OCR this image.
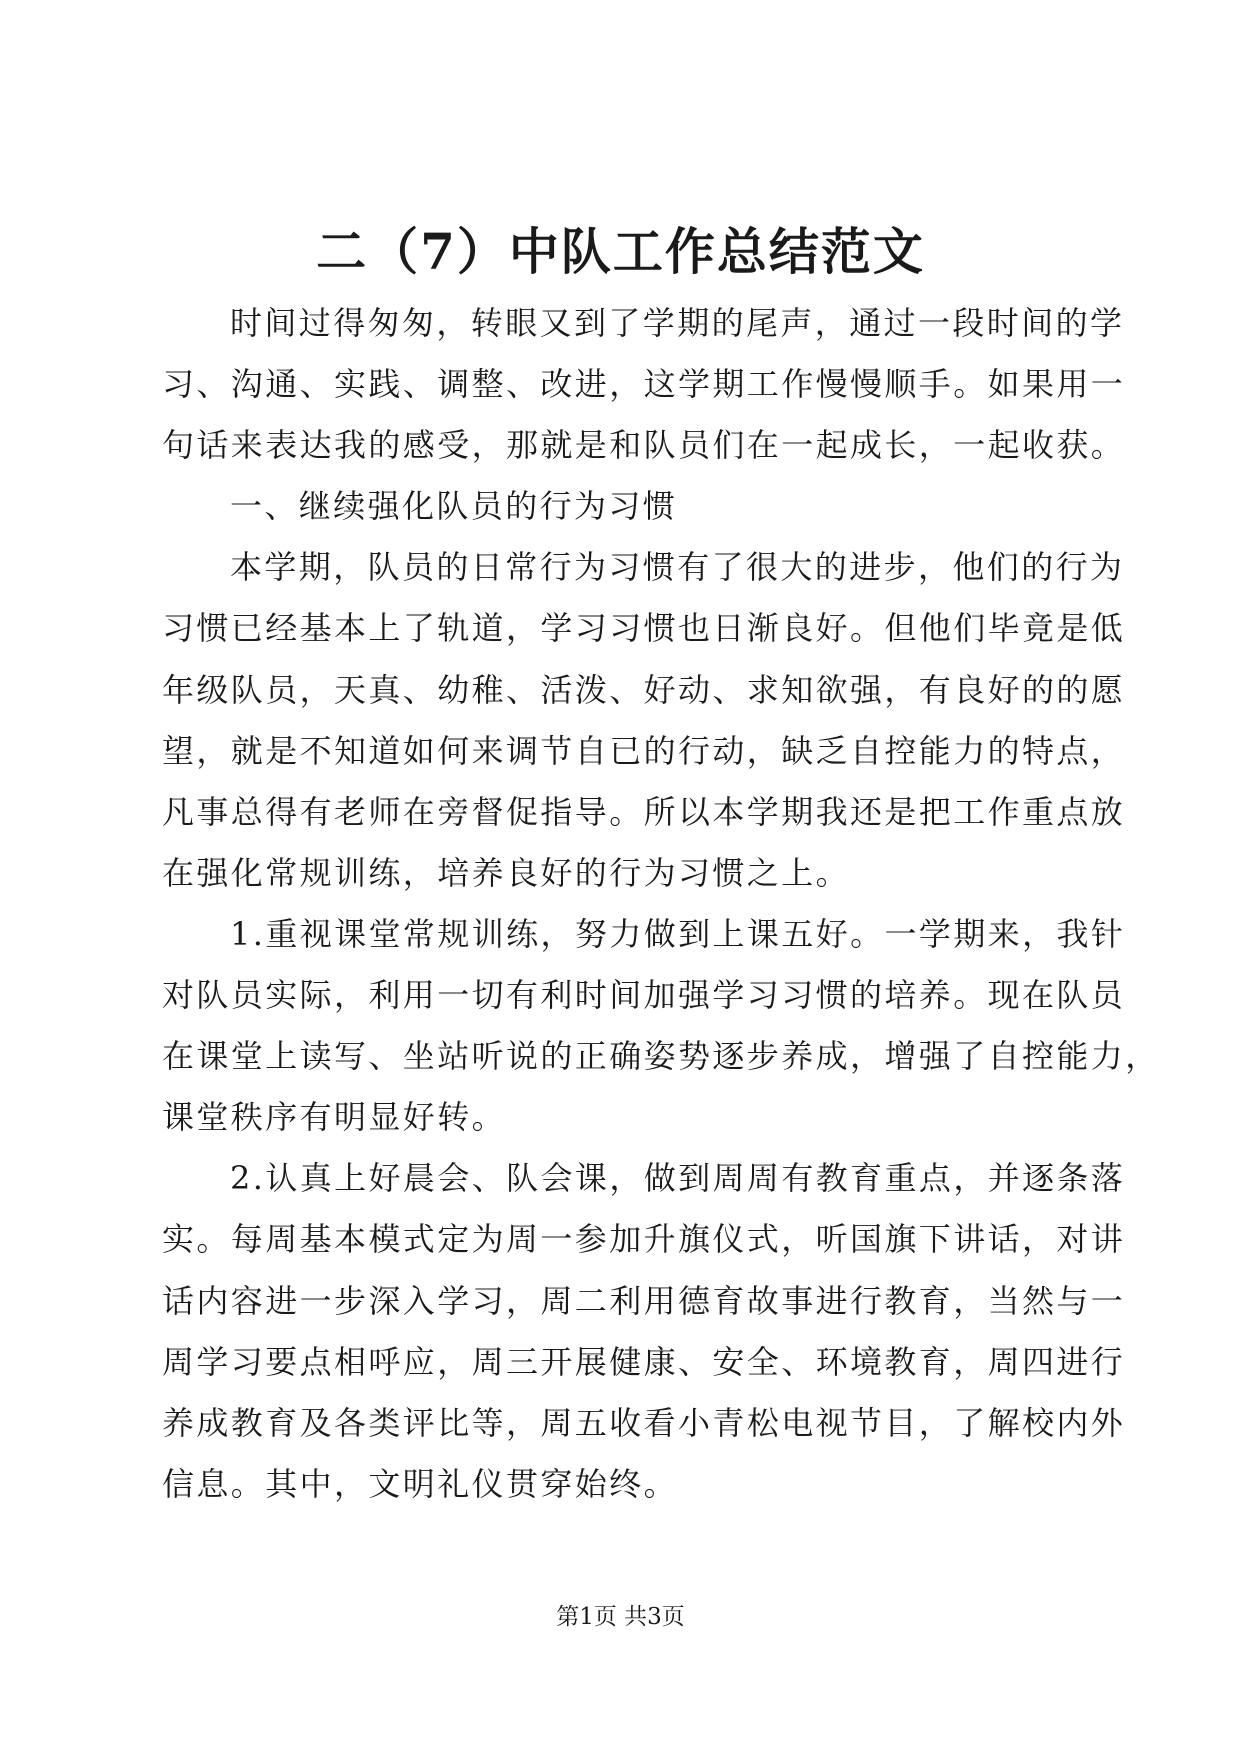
二（7）中队工作总结范文
时间过得匆匆，转眼又到了学期的尾声，通过一段时间的学
习、沟通、实践、调整、改进，这学期工作慢慢顺手。如果用一
句话来表达我的感受，那就是和队员们在一起成长，一起收获。
一、继续强化队员的行为习惯
本学期，队员的日常行为习惯有了很大的进步，他们的行为
习惯已经基本上了轨道，学习习惯也日渐良好。但他们毕竟是低
年级队员，天真、幼稚、活泼、好动、求知欲强，有良好的的愿
望，就是不知道如何来调节自已的行动，缺乏自控能力的特点，
凡事总得有老师在旁督促指导。所以本学期我还是把工作重点放
在强化常规训练，培养良好的行为习惯之上。
1.重视课堂常规训练，努力做到上课五好。一学期来，我针
对队员实际，利用一切有利时间加强学习习惯的培养。现在队员
在课堂上读写、坐站听说的正确姿势逐步养成，增强了自控能力，
课堂秩序有明显好转。
2.认真上好晨会、队会课，做到周周有教育重点，并逐条落
实。每周基本模式定为周一参加升旗仪式，听国旗下讲话，对讲
话内容进一步深入学习，周二利用德育故事进行教育，当然与一
周学习要点相呼应，周三开展健康、安全、环境教育，周四进行
养成教育及各类评比等，周五收看小青松电视节目，了解校内外
信息。其中，文明礼仪贯穿始终。
第1页 共3页
